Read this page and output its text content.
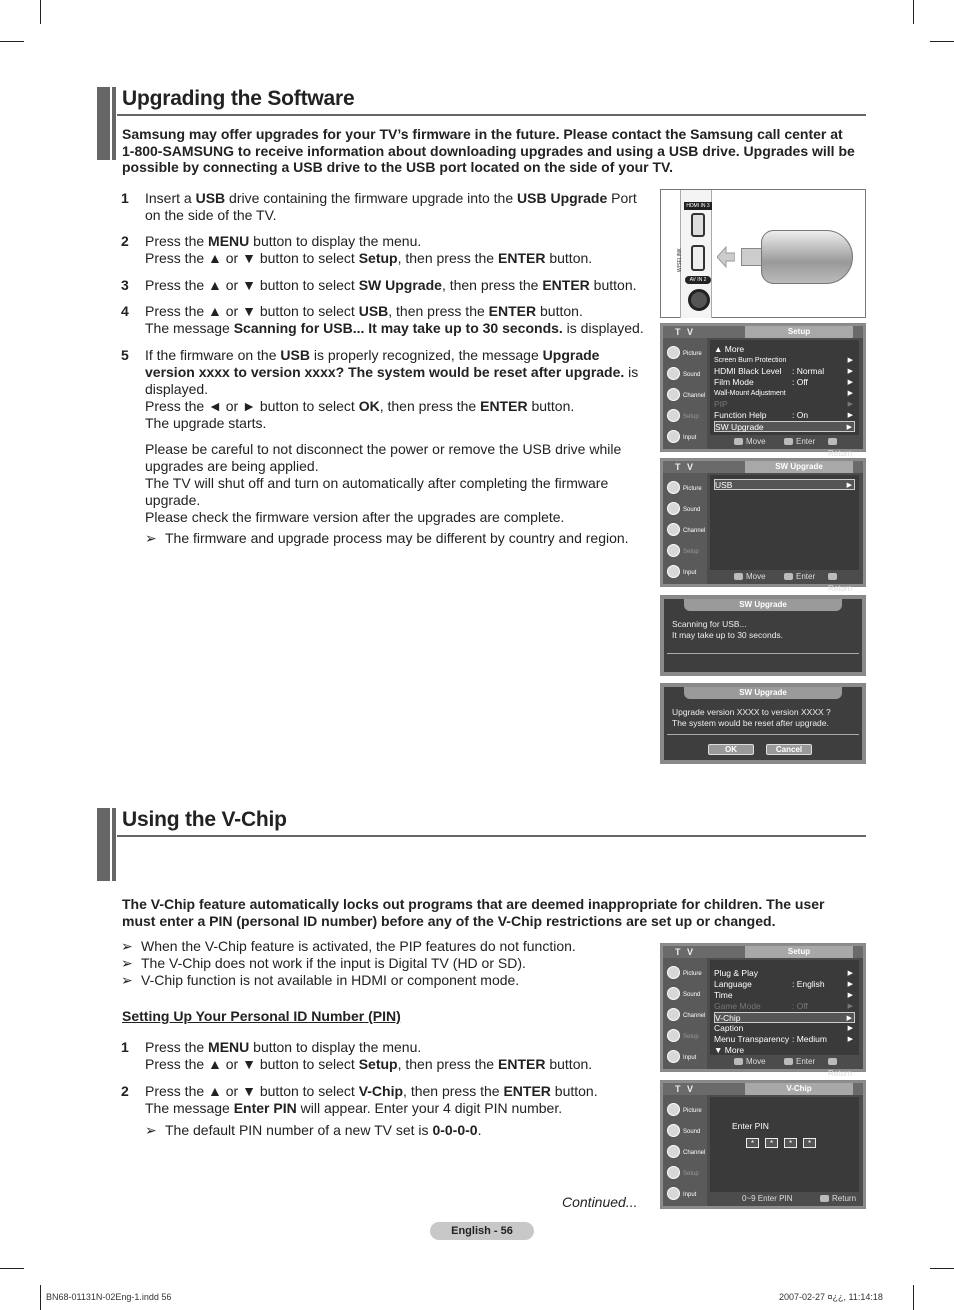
Upgrading the Software
Samsung may offer upgrades for your TV’s firmware in the future. Please contact the Samsung call center at 1-800-SAMSUNG to receive information about downloading upgrades and using a USB drive. Upgrades will be possible by connecting a USB drive to the USB port located on the side of your TV.
1 Insert a USB drive containing the firmware upgrade into the USB Upgrade Port
on the side of the TV.
2 Press the MENU button to display the menu.
Press the ▲ or ▼ button to select Setup, then press the ENTER button.
3 Press the ▲ or ▼ button to select SW Upgrade, then press the ENTER button.
4 Press the ▲ or ▼ button to select USB, then press the ENTER button.
The message Scanning for USB... It may take up to 30 seconds. is displayed.
5 If the firmware on the USB is properly recognized, the message Upgrade
version xxxx to version xxxx? The system would be reset after upgrade. is
displayed.
Press the ◄ or ► button to select OK, then press the ENTER button.
The upgrade starts.
Please be careful to not disconnect the power or remove the USB drive while
upgrades are being applied.
The TV will shut off and turn on automatically after completing the firmware
upgrade.
Please check the firmware version after the upgrades are complete.
➢ The firmware and upgrade process may be different by country and region.
HDMI IN 3
WISELINK
AV IN 2
T V	Setup
Picture
Sound
Channel
Setup
Input
▲ More
Screen Burn Protection	▶
HDMI Black Level : Normal	▶
Film Mode	: Off	▶
Wall-Mount Adjustment	▶
PIP	▶
Function Help	: On	▶
SW Upgrade	▶
Move	Enter
Return
T V	SW Upgrade
Picture
Sound
Channel
Setup
Input
USB	▶
Move	Enter
Return
SW Upgrade
Scanning for USB...
It may take up to 30 seconds.
SW Upgrade
Upgrade version XXXX to version XXXX ?
The system would be reset after upgrade.
OK	Cancel
Using the V-Chip
The V-Chip feature automatically locks out programs that are deemed inappropriate for children. The user must enter a PIN (personal ID number) before any of the V-Chip restrictions are set up or changed.
➢ When the V-Chip feature is activated, the PIP features do not function.
➢ The V-Chip does not work if the input is Digital TV (HD or SD).
➢ V-Chip function is not available in HDMI or component mode.
Setting Up Your Personal ID Number (PIN)
1 Press the MENU button to display the menu.
Press the ▲ or ▼ button to select Setup, then press the ENTER button.
2 Press the ▲ or ▼ button to select V-Chip, then press the ENTER button.
The message Enter PIN will appear. Enter your 4 digit PIN number.
➢ The default PIN number of a new TV set is 0-0-0-0.
Continued...
T V	Setup
Picture
Sound
Channel
Setup
Input
Plug & Play	▶
Language	: English	▶
Time	▶
Game Mode	: Off	▶
V-Chip	▶
Caption	▶
Menu Transparency : Medium	▶
▼ More
Move	Enter
Return
T V	V-Chip
Picture
Sound
Channel
Setup
Input
Enter PIN
*	*	*	*
0~9 Enter PIN	Return
English - 56
BN68-01131N-02Eng-1.indd 56	2007-02-27 ¤¿¿, 11:14:18
